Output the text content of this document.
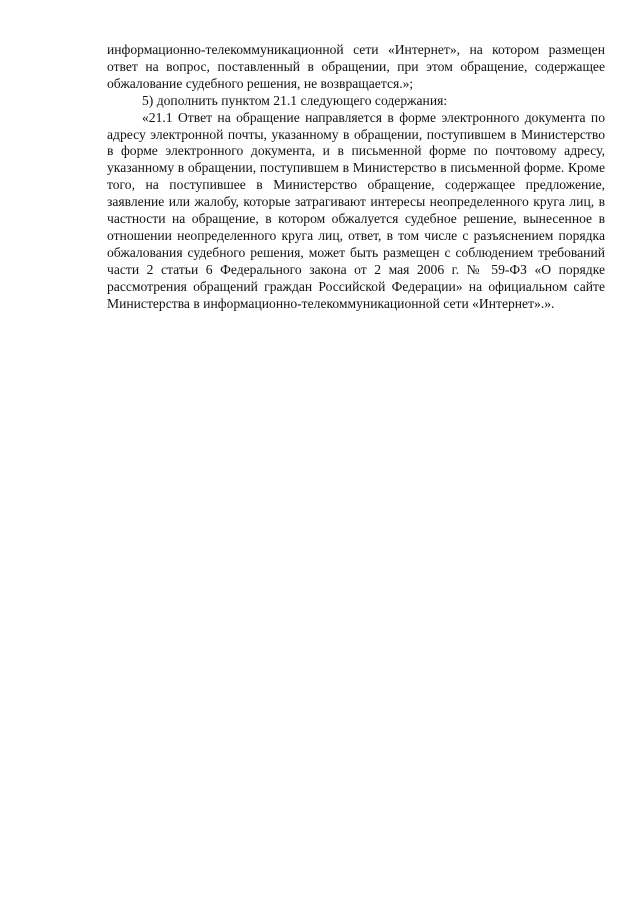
информационно-телекоммуникационной сети «Интернет», на котором размещен ответ на вопрос, поставленный в обращении, при этом обращение, содержащее обжалование судебного решения, не возвращается.»;

5) дополнить пунктом 21.1 следующего содержания:

«21.1 Ответ на обращение направляется в форме электронного документа по адресу электронной почты, указанному в обращении, поступившем в Министерство в форме электронного документа, и в письменной форме по почтовому адресу, указанному в обращении, поступившем в Министерство в письменной форме. Кроме того, на поступившее в Министерство обращение, содержащее предложение, заявление или жалобу, которые затрагивают интересы неопределенного круга лиц, в частности на обращение, в котором обжалуется судебное решение, вынесенное в отношении неопределенного круга лиц, ответ, в том числе с разъяснением порядка обжалования судебного решения, может быть размещен с соблюдением требований части 2 статьи 6 Федерального закона от 2 мая 2006 г. № 59-ФЗ «О порядке рассмотрения обращений граждан Российской Федерации» на официальном сайте Министерства в информационно-телекоммуникационной сети «Интернет».».
